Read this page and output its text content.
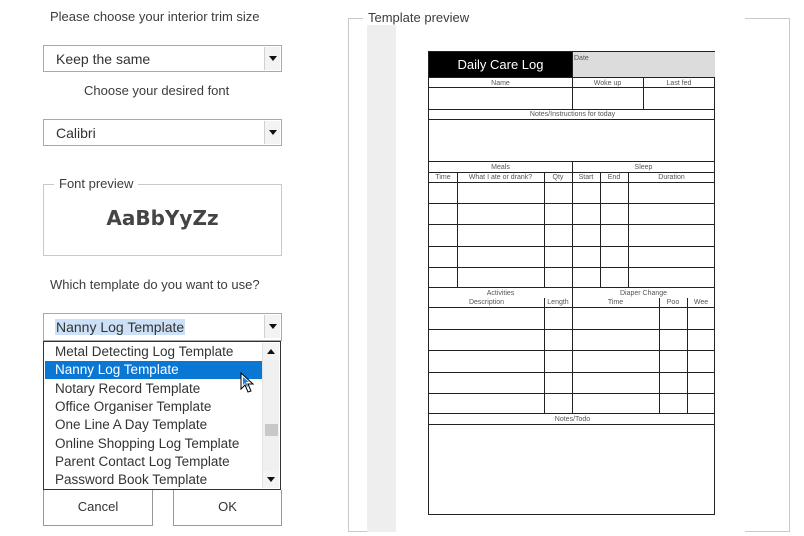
Please choose your interior trim size
Keep the same
Choose your desired font
Calibri
Font preview
AaBbYyZz
Which template do you want to use?
Nanny Log Template
Metal Detecting Log Template
Nanny Log Template
Notary Record Template
Office Organiser Template
One Line A Day Template
Online Shopping Log Template
Parent Contact Log Template
Password Book Template
Cancel	OK
Template preview
Daily Care Log	Date
Name	Woke up	Last fed
Notes/Instructions for today
Meals	Sleep
Time	What I ate or drank?	Qty	Start	End	Duration
Activities	Diaper Change
Description	Length	Time	Poo	Wee
Notes/Todo
